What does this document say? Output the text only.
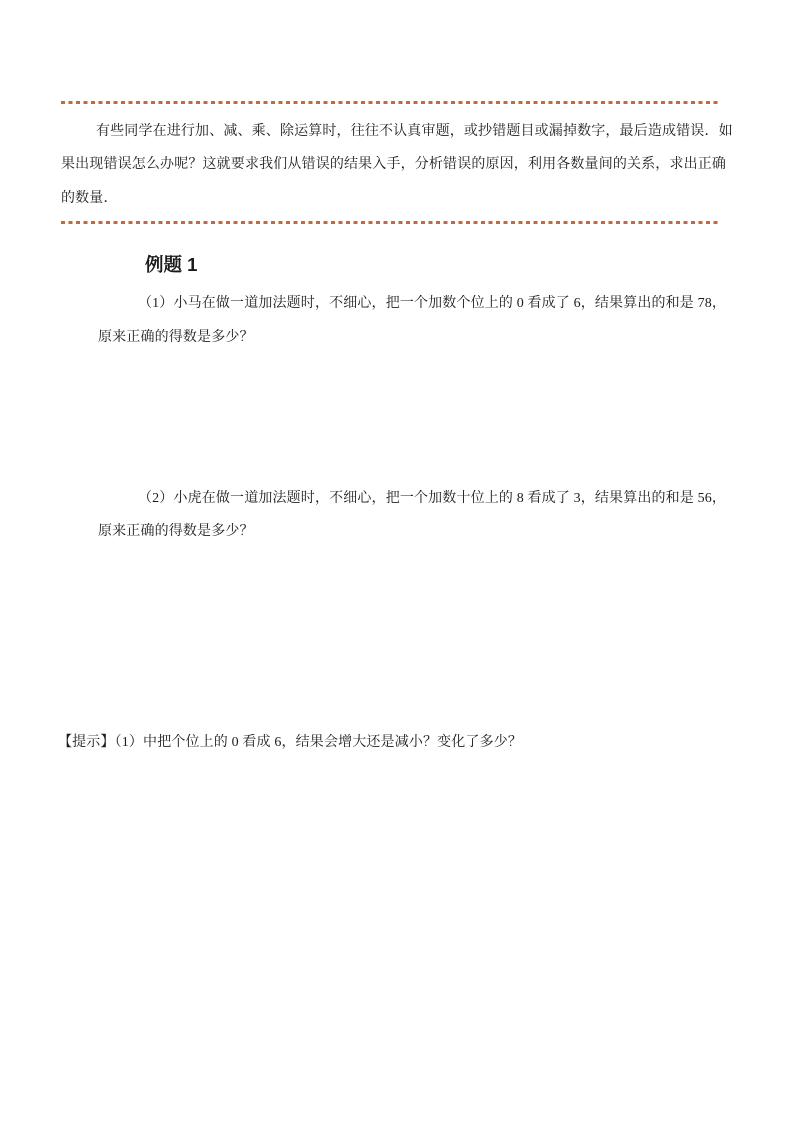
有些同学在进行加、减、乘、除运算时，往往不认真审题，或抄错题目或漏掉数字，最后造成错误．如
果出现错误怎么办呢？这就要求我们从错误的结果入手，分析错误的原因，利用各数量间的关系，求出正确
的数量．
例题 1
（1）小马在做一道加法题时，不细心，把一个加数个位上的 0 看成了 6，结果算出的和是 78，
原来正确的得数是多少？
（2）小虎在做一道加法题时，不细心，把一个加数十位上的 8 看成了 3，结果算出的和是 56，
原来正确的得数是多少？
【提示】（1）中把个位上的 0 看成 6，结果会增大还是减小？变化了多少？
